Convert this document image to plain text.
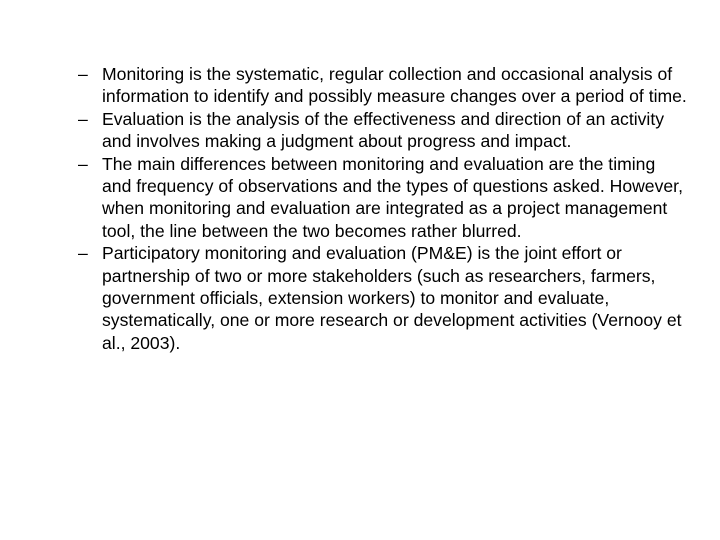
– Monitoring is the systematic, regular collection and occasional analysis of information to identify and possibly measure changes over a period of time.
– Evaluation is the analysis of the effectiveness and direction of an activity and involves making a judgment about progress and impact.
– The main differences between monitoring and evaluation are the timing and frequency of observations and the types of questions asked. However, when monitoring and evaluation are integrated as a project management tool, the line between the two becomes rather blurred.
– Participatory monitoring and evaluation (PM&E) is the joint effort or partnership of two or more stakeholders (such as researchers, farmers, government officials, extension workers) to monitor and evaluate, systematically, one or more research or development activities (Vernooy et al., 2003).
